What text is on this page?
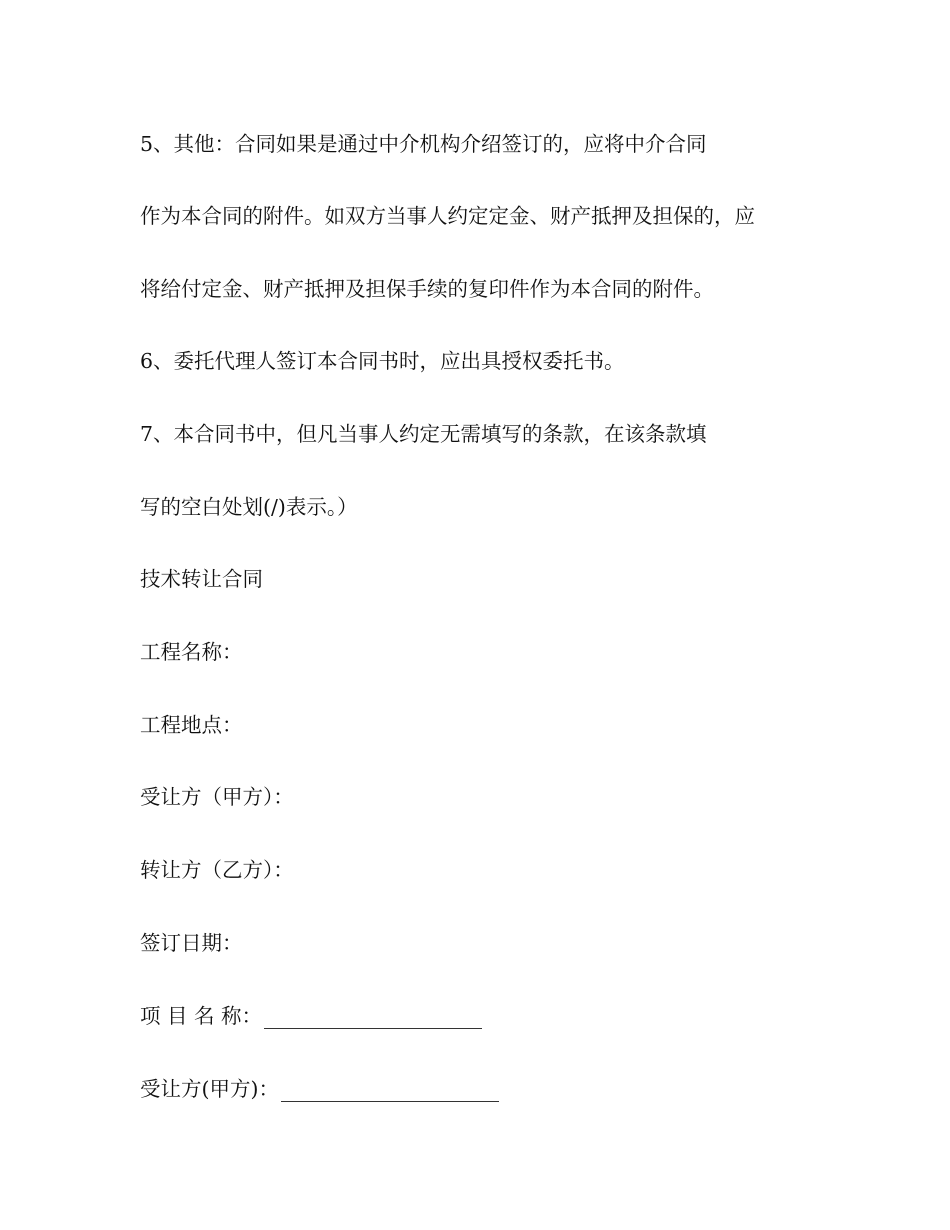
5、其他：合同如果是通过中介机构介绍签订的，应将中介合同

作为本合同的附件。如双方当事人约定定金、财产抵押及担保的，应

将给付定金、财产抵押及担保手续的复印件作为本合同的附件。

6、委托代理人签订本合同书时，应出具授权委托书。

7、本合同书中，但凡当事人约定无需填写的条款，在该条款填

写的空白处划(/)表示。）

技术转让合同

工程名称：

工程地点：

受让方（甲方）：

转让方（乙方）：

签订日期：

项 目 名 称：
受让方(甲方)：
